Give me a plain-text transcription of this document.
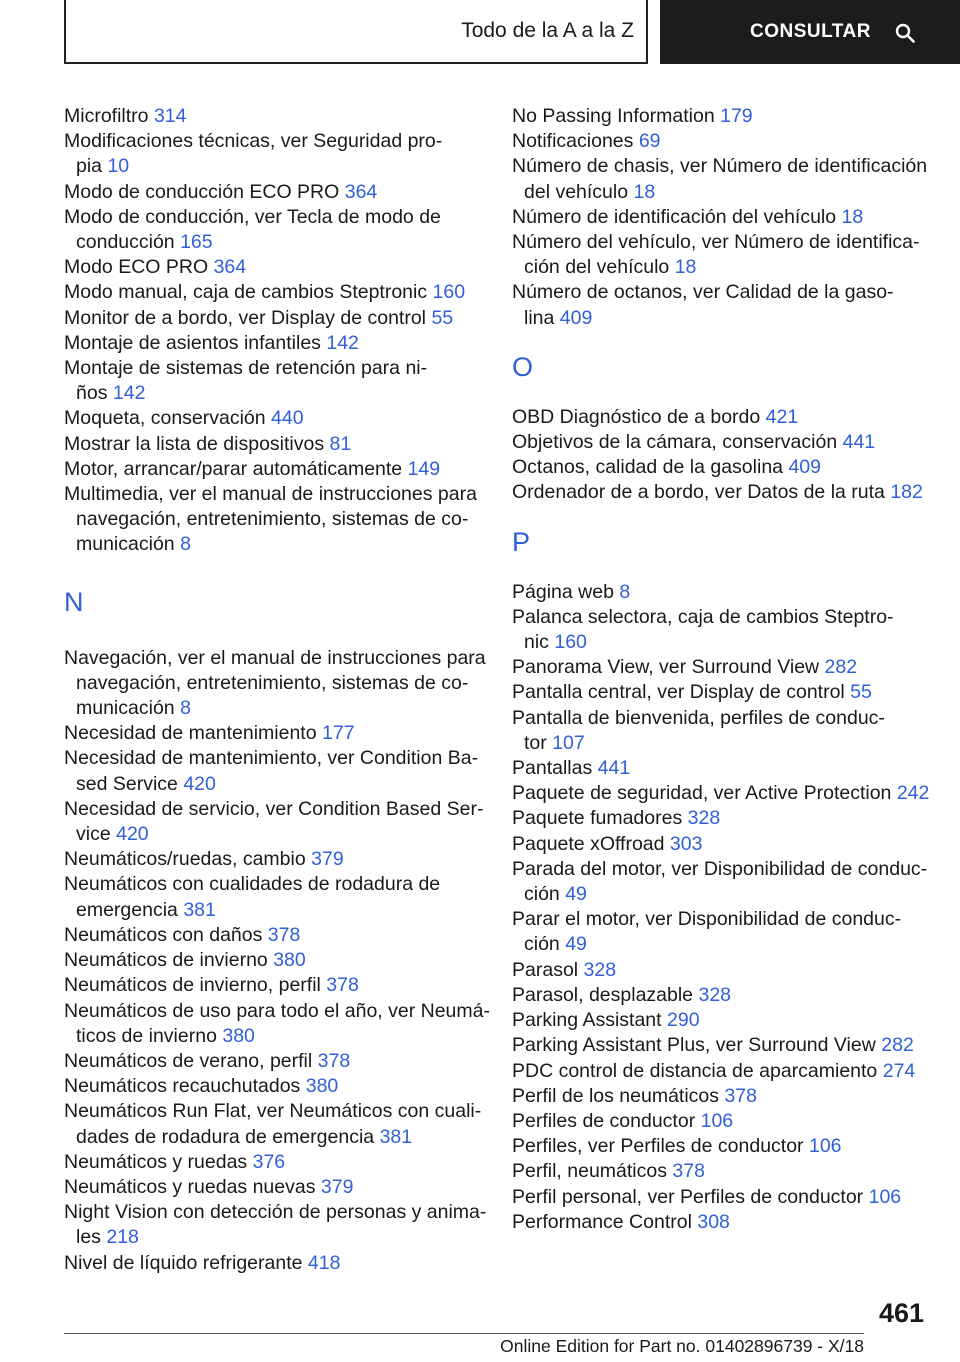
Todo de la A a la Z	CONSULTAR
Microfiltro 314
Modificaciones técnicas, ver Seguridad pro-
pia 10
Modo de conducción ECO PRO 364
Modo de conducción, ver Tecla de modo de
conducción 165
Modo ECO PRO 364
Modo manual, caja de cambios Steptronic 160
Monitor de a bordo, ver Display de control 55
Montaje de asientos infantiles 142
Montaje de sistemas de retención para ni-
ños 142
Moqueta, conservación 440
Mostrar la lista de dispositivos 81
Motor, arrancar/parar automáticamente 149
Multimedia, ver el manual de instrucciones para
navegación, entretenimiento, sistemas de co-
municación 8
N
Navegación, ver el manual de instrucciones para
navegación, entretenimiento, sistemas de co-
municación 8
Necesidad de mantenimiento 177
Necesidad de mantenimiento, ver Condition Ba-
sed Service 420
Necesidad de servicio, ver Condition Based Ser-
vice 420
Neumáticos/ruedas, cambio 379
Neumáticos con cualidades de rodadura de
emergencia 381
Neumáticos con daños 378
Neumáticos de invierno 380
Neumáticos de invierno, perfil 378
Neumáticos de uso para todo el año, ver Neumá-
ticos de invierno 380
Neumáticos de verano, perfil 378
Neumáticos recauchutados 380
Neumáticos Run Flat, ver Neumáticos con cuali-
dades de rodadura de emergencia 381
Neumáticos y ruedas 376
Neumáticos y ruedas nuevas 379
Night Vision con detección de personas y anima-
les 218
Nivel de líquido refrigerante 418
No Passing Information 179
Notificaciones 69
Número de chasis, ver Número de identificación
del vehículo 18
Número de identificación del vehículo 18
Número del vehículo, ver Número de identifica-
ción del vehículo 18
Número de octanos, ver Calidad de la gaso-
lina 409
O
OBD Diagnóstico de a bordo 421
Objetivos de la cámara, conservación 441
Octanos, calidad de la gasolina 409
Ordenador de a bordo, ver Datos de la ruta 182
P
Página web 8
Palanca selectora, caja de cambios Steptro-
nic 160
Panorama View, ver Surround View 282
Pantalla central, ver Display de control 55
Pantalla de bienvenida, perfiles de conduc-
tor 107
Pantallas 441
Paquete de seguridad, ver Active Protection 242
Paquete fumadores 328
Paquete xOffroad 303
Parada del motor, ver Disponibilidad de conduc-
ción 49
Parar el motor, ver Disponibilidad de conduc-
ción 49
Parasol 328
Parasol, desplazable 328
Parking Assistant 290
Parking Assistant Plus, ver Surround View 282
PDC control de distancia de aparcamiento 274
Perfil de los neumáticos 378
Perfiles de conductor 106
Perfiles, ver Perfiles de conductor 106
Perfil, neumáticos 378
Perfil personal, ver Perfiles de conductor 106
Performance Control 308
461
Online Edition for Part no. 01402896739 - X/18
